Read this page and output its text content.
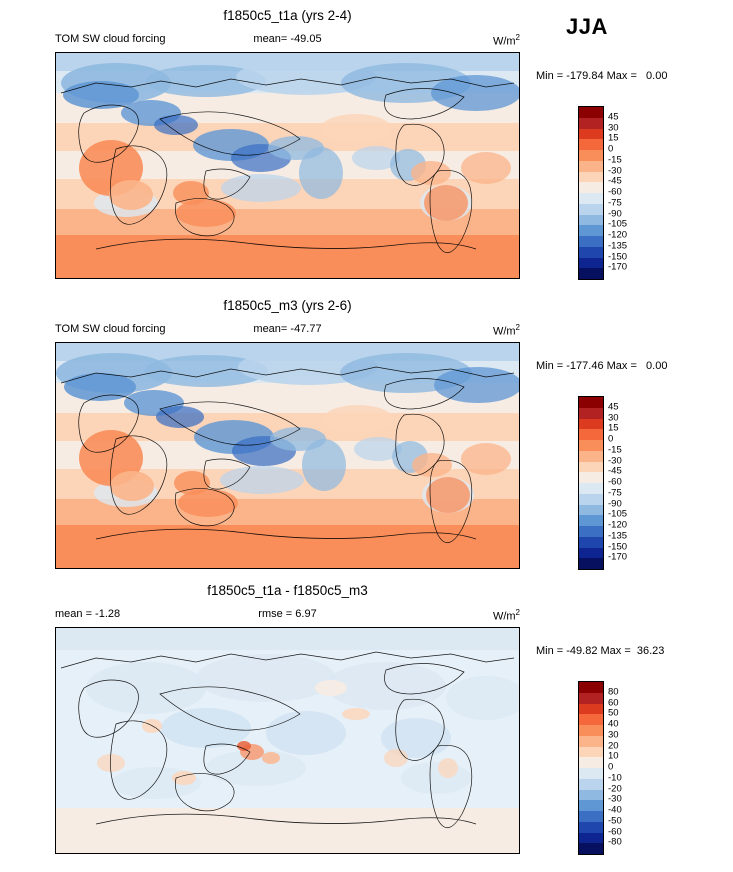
JJA
f1850c5_t1a (yrs 2-4)
TOM SW cloud forcing	mean= -49.05	$W/m^2$
Min = -179.84 Max =   0.00
45
30
15
0
-15
-30
-45
-60
-75
-90
-105
-120
-135
-150
-170
f1850c5_m3 (yrs 2-6)
TOM SW cloud forcing	mean= -47.77	$W/m^2$
Min = -177.46 Max =   0.00
45
30
15
0
-15
-30
-45
-60
-75
-90
-105
-120
-135
-150
-170
f1850c5_t1a - f1850c5_m3
mean = -1.28	rmse = 6.97	$W/m^2$
Min = -49.82 Max =  36.23
80
60
50
40
30
20
10
0
-10
-20
-30
-40
-50
-60
-80
